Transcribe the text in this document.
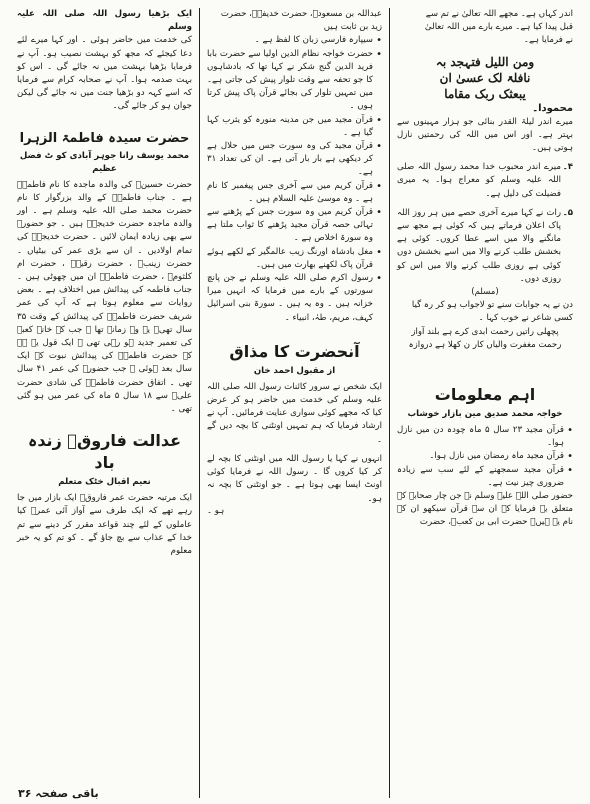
اندر کہاں ہے۔ مجھے اللہ تعالیٰ نے تم سے

قبل پیدا کیا ہے۔ میرے بارے میں اللہ تعالیٰ

نے فرمایا ہے۔

ومن اللیل فتہجد بہ

نافلۃ لک عسیٰ ان

یبعثک ربک مقاما

محمودا۔

میرے اندر لیلۃ القدر بنائی جو ہزار مہینوں سے بہتر ہے۔ اور اس میں اللہ کی رحمتیں نازل ہوتی ہیں۔

۴۔
میرے اندر محبوب خدا محمد رسول اللہ صلی اللہ علیہ وسلم کو معراج ہوا۔ یہ میری فضیلت کی دلیل ہے۔
۵۔
رات نے کہا میرے آخری حصے میں ہر روز اللہ پاک اعلان فرماتے ہیں کہ کوئی ہے مجھ سے مانگنے والا میں اسے عطا کروں۔ کوئی ہے بخشش طلب کرنے والا میں اسے بخشش دوں کوئی ہے روزی طلب کرنے والا میں اس کو روزی دوں۔

(مسلم)

دن نے یہ جوابات سنے تو لاجواب ہو کر رہ گیا

کسی شاعر نے خوب کہا ۔

پچھلی راتیں رحمت ابدی کرے ہے بلند آواز

رحمت مغفرت والیاں کار ن کھلا ہے دروازہ

اہم معلومات

خواجہ محمد صدیق مین بازار خوشاب

• قرآن مجید ۲۳ سال ۵ ماہ چودہ دن میں نازل ہوا۔
• قرآن مجید ماہ رمضان میں نازل ہوا۔
• قرآن مجید سمجھنے کے لئے سب سے زیادہ ضروری چیز نیت ہے۔

حضور صلی اللہ علیہ وسلم نے جن چار صحابہ کے متعلق یہ فرمایا کہ ان سے قرآن سیکھو ان کے نام یہ ہیں۔ حضرت ابی بن کعبؓ، حضرت

عبداللہ بن مسعودؓ، حضرت خدیفہؓ، حضرت

زید بن ثابت ہیں

• سیپارہ فارسی زبان کا لفظ ہے ۔
• حضرت خواجہ نظام الدین اولیا سے حضرت بابا فرید الدین گنج شکر نے کہا تھا کہ بادشاہوں کا جو تحفہ سے وقت تلوار پیش کی جاتی ہے۔ میں تمہیں تلوار کی بجائے قرآن پاک پیش کرتا ہوں ۔
• قرآن مجید میں جن مدینہ منورہ کو یثرب کہا گیا ہے ۔
• قرآن مجید کی وہ سورت جس میں حلال ہے کر دیکھی ہے بار بار آتی ہے۔ ان کی تعداد ۳۱ ہے۔
• قرآن کریم میں سے آخری جس پیغمبر کا نام ہے ۔ وہ موسیٰ علیہ السلام ہیں ۔
• قرآن کریم میں وہ سورت جس کے پڑھنے سے تہائی حصہ قرآن مجید پڑھنے کا ثواب ملتا ہے وہ سورۃ اخلاص ہے ۔
• مغل بادشاہ اورنگ زیب عالمگیر کے لکھے ہوئے قرآن پاک لکھنے بھارت میں ہیں۔
• رسول اکرم صلی اللہ علیہ وسلم نے جن پانچ سورتوں کے بارے میں فرمایا کہ انہیں میرا خزانہ ہیں ۔ وہ یہ ہیں ۔ سورۃ بنی اسرائیل کہف، مریم، طہٰ، انبیاء ۔
آنحضرت کا مذاق

از مقبول احمد خان

ایک شخص نے سرور کائنات رسول اللہ صلی اللہ علیہ وسلم کی خدمت میں حاضر ہو کر عرض کیا کہ مجھے کوئی سواری عنایت فرمائیں۔ آپ نے ارشاد فرمایا کہ ہم تمہیں اونٹنی کا بچہ دیں گے ۔

انہوں نے کہا یا رسول اللہ میں اونٹنی کا بچہ لے کر کیا کروں گا ۔ رسول اللہ نے فرمایا کوئی اونٹ ایسا بھی ہوتا ہے ۔ جو اونٹنی کا بچہ نہ ہو۔

ہو ۔

ایک بڑھیا رسول اللہ صلی اللہ علیہ وسلم

کی خدمت میں حاضر ہوئی ۔ اور کہا میرے لئے دعا کیجئے کہ مجھ کو بہشت نصیب ہو۔ آپ نے فرمایا بڑھیا بہشت میں نہ جائے گی ۔ اس کو بہت صدمہ ہوا۔ آپ نے صحابہ کرام سے فرمایا کہ اسے کہہ دو بڑھیا جنت میں نہ جائے گی لیکن جوان ہو کر جائے گی۔

حضرت سیدہ فاطمۃ الزہرا

محمد یوسف رانا جوہر آبادی کو ٹ فضل عظیم

حضرت حسینؓ کی والدہ ماجدہ کا نام فاطمہؓ ہے ۔ جناب فاطمہؓ کے والد بزرگوار کا نام حضرت محمد صلی اللہ علیہ وسلم ہے ۔ اور والدہ ماجدہ حضرت خدیجہؓ ہیں ۔ جو حضورؐ سے بھی زیادہ ایمان لائیں ۔ حضرت خدیجہؓ کی تمام اولادیں ۔ ان سے بڑی عمر کی بیٹیاں ۔ حضرت زینبؓ ، حضرت رقیہؓ ، حضرت ام کلثومؓ ، حضرت فاطمہؓ ان میں چھوٹی ہیں ۔ جناب فاطمہ کی پیدائش میں اختلاف ہے ۔ بعض روایات سے معلوم ہوتا ہے کہ آپ کی عمر شریف حضرت فاطمہؓ کی پیدائش کے وقت ۳۵ سال تھی۔ یہ وہ زمانہ تھا ۔ جب کہ خانہ کعبہ کی تعمیر جدید ہو رہی تھی ۔ ایک قول یہ ہے کہ حضرت فاطمہؓ کی پیدائش نبوت کے ایک سال بعد ہوئی ۔ جب حضورؐ کی عمر ۴۱ سال تھی ۔ اتفاق حضرت فاطمہؓ کی شادی حضرت علیؓ سے ۱۸ سال ۵ ماہ کی عمر میں ہو گئی تھی ۔

عدالت فاروقؓ زندہ باد

نعیم اقبال خٹک متعلم

ایک مرتبہ حضرت عمر فاروقؓ ایک بازار میں جا رہے تھے کہ ایک طرف سے آواز آئی عمرؓ کیا عاملوں کے لئے چند قواعد مقرر کر دینے سے تم خدا کے عذاب سے بچ جاؤ گے ۔ کو تم کو یہ خبر معلوم

باقی صفحہ ۳۶
